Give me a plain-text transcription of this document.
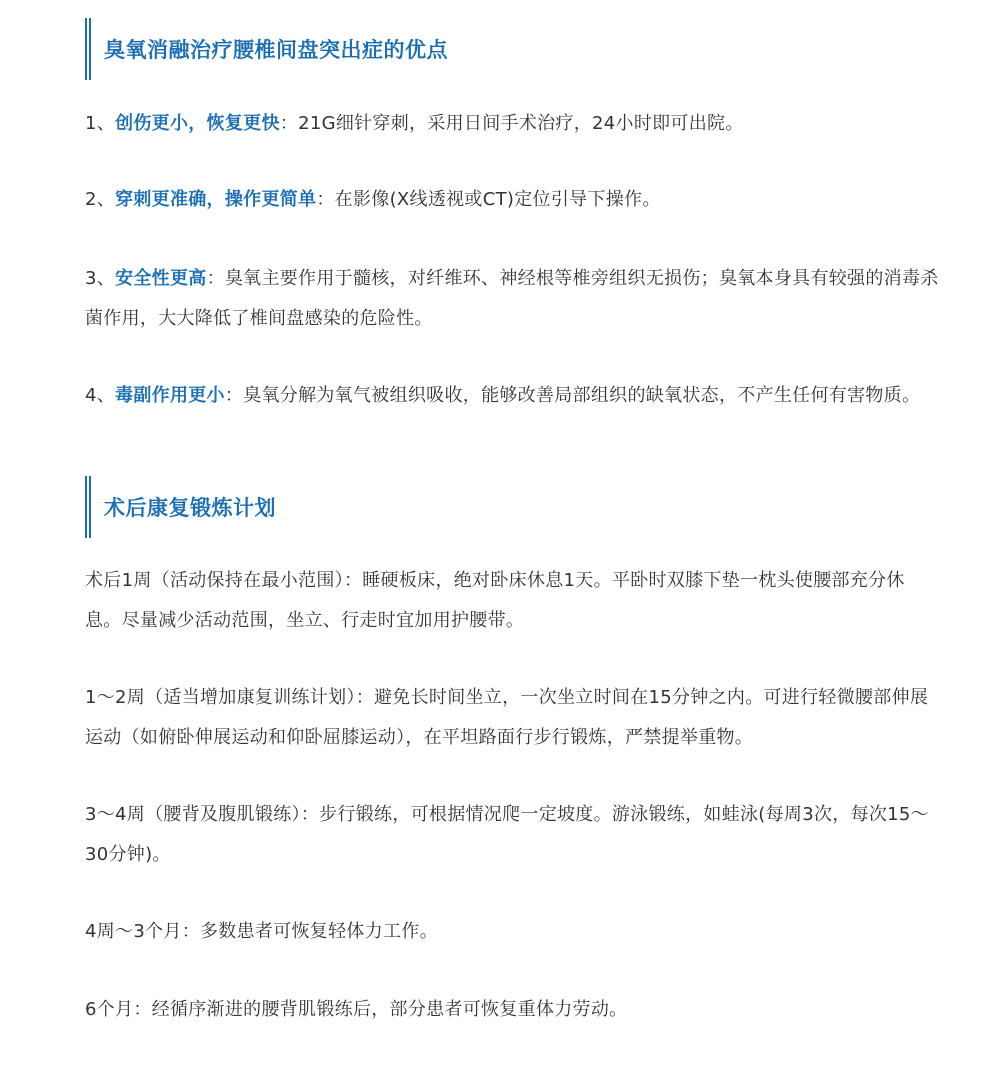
臭氧消融治疗腰椎间盘突出症的优点

1、创伤更小，恢复更快：21G细针穿刺，采用日间手术治疗，24小时即可出院。

2、穿刺更准确，操作更简单：在影像(X线透视或CT)定位引导下操作。

3、安全性更高：臭氧主要作用于髓核，对纤维环、神经根等椎旁组织无损伤；臭氧本身具有较强的消毒杀菌作用，大大降低了椎间盘感染的危险性。

4、毒副作用更小：臭氧分解为氧气被组织吸收，能够改善局部组织的缺氧状态，不产生任何有害物质。

术后康复锻炼计划

术后1周（活动保持在最小范围）：睡硬板床，绝对卧床休息1天。平卧时双膝下垫一枕头使腰部充分休息。尽量减少活动范围，坐立、行走时宜加用护腰带。

1～2周（适当增加康复训练计划）：避免长时间坐立，一次坐立时间在15分钟之内。可进行轻微腰部伸展运动（如俯卧伸展运动和仰卧屈膝运动），在平坦路面行步行锻炼，严禁提举重物。

3～4周（腰背及腹肌锻练）：步行锻练，可根据情况爬一定坡度。游泳锻练，如蛙泳(每周3次，每次15～30分钟)。

4周～3个月：多数患者可恢复轻体力工作。

6个月：经循序渐进的腰背肌锻练后，部分患者可恢复重体力劳动。
